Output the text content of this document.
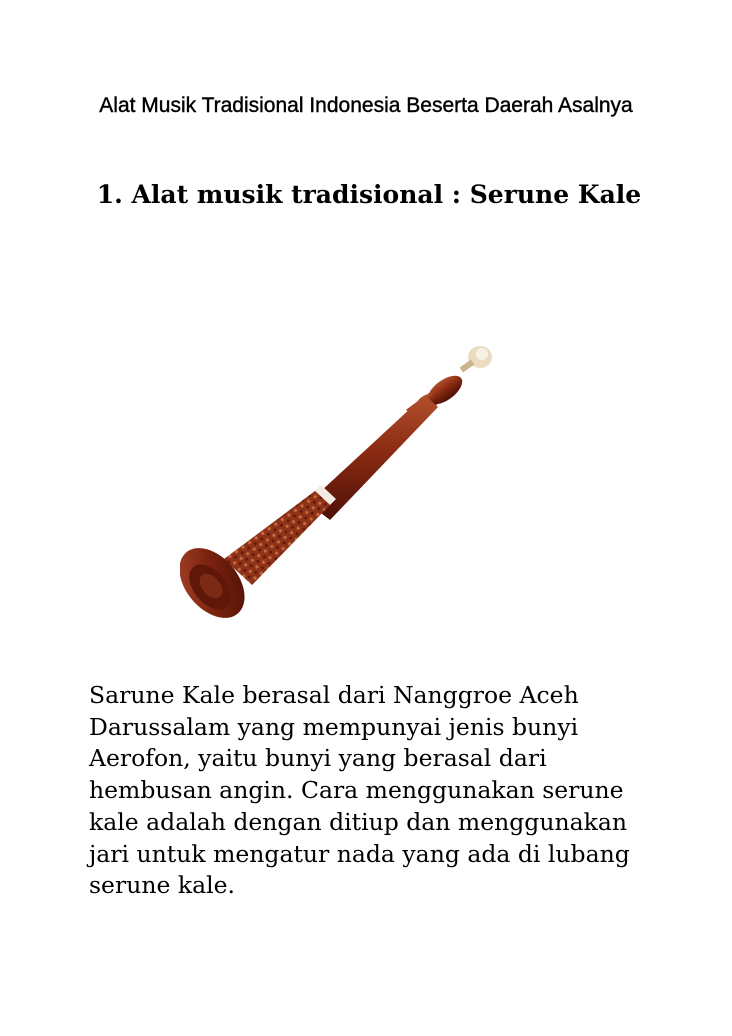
Alat Musik Tradisional Indonesia Beserta Daerah Asalnya
1. Alat musik tradisional : Serune Kale

Sarune Kale berasal dari Nanggroe Aceh Darussalam yang mempunyai jenis bunyi Aerofon, yaitu bunyi yang berasal dari hembusan angin. Cara menggunakan serune kale adalah dengan ditiup dan menggunakan jari untuk mengatur nada yang ada di lubang serune kale.
